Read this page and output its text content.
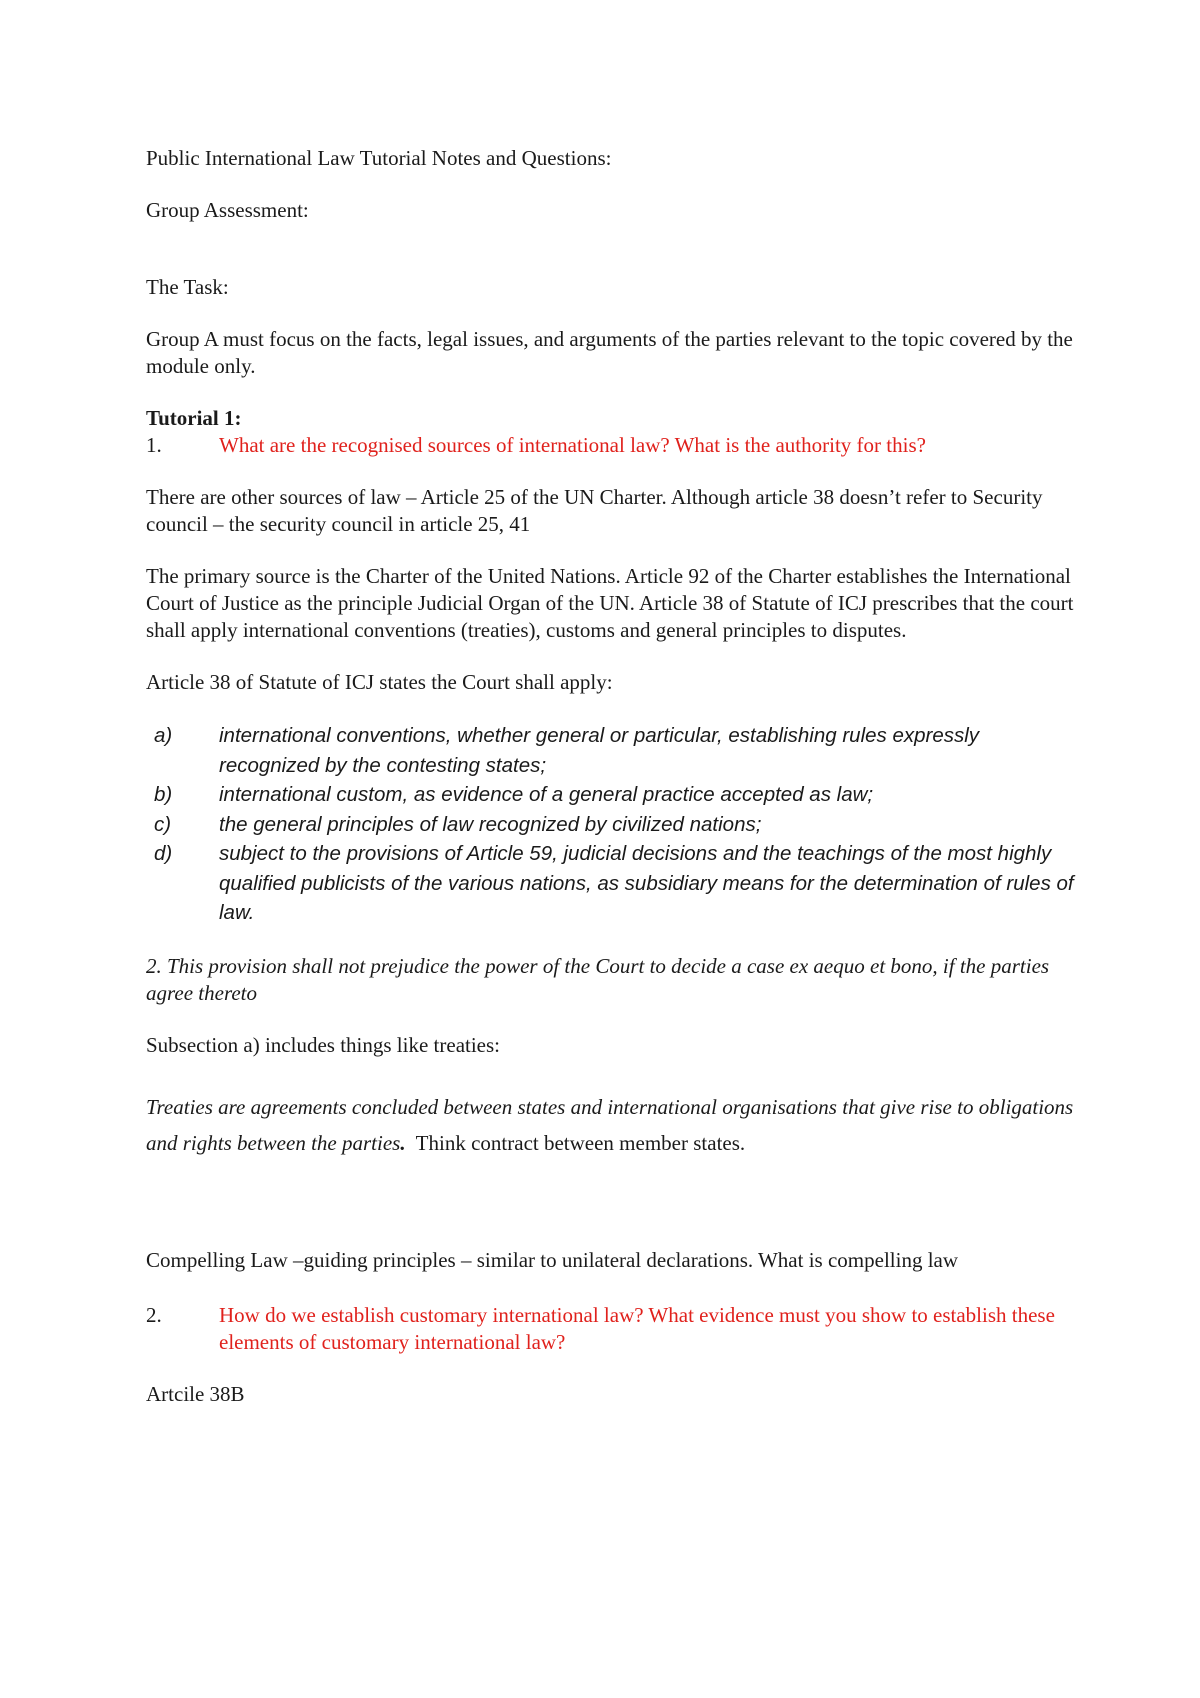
Public International Law Tutorial Notes and Questions:

Group Assessment:

The Task:

Group A must focus on the facts, legal issues, and arguments of the parties relevant to the topic covered by the module only.

Tutorial 1:

1.	What are the recognised sources of international law? What is the authority for this?

There are other sources of law – Article 25 of the UN Charter. Although article 38 doesn’t refer to Security council – the security council in article 25, 41

The primary source is the Charter of the United Nations. Article 92 of the Charter establishes the International Court of Justice as the principle Judicial Organ of the UN. Article 38 of Statute of ICJ prescribes that the court shall apply international conventions (treaties), customs and general principles to disputes.

Article 38 of Statute of ICJ states the Court shall apply:

a) international conventions, whether general or particular, establishing rules expressly recognized by the contesting states;
b) international custom, as evidence of a general practice accepted as law;
c) the general principles of law recognized by civilized nations;
d) subject to the provisions of Article 59, judicial decisions and the teachings of the most highly qualified publicists of the various nations, as subsidiary means for the determination of rules of law.

2. This provision shall not prejudice the power of the Court to decide a case ex aequo et bono, if the parties agree thereto

Subsection a) includes things like treaties:

Treaties are agreements concluded between states and international organisations that give rise to obligations and rights between the parties.  Think contract between member states.

Compelling Law –guiding principles – similar to unilateral declarations. What is compelling law

2.	How do we establish customary international law? What evidence must you show to establish these elements of customary international law?

Artcile 38B
